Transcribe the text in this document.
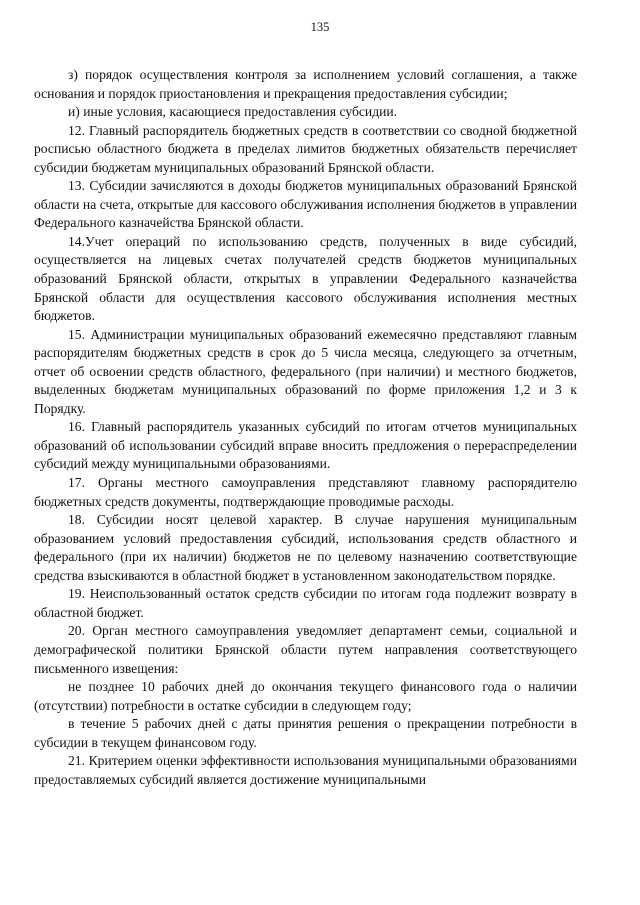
135

з) порядок осуществления контроля за исполнением условий соглашения, а также основания и порядок приостановления и прекращения предоставления субсидии;

и) иные условия, касающиеся предоставления субсидии.

12. Главный распорядитель бюджетных средств в соответствии со сводной бюджетной росписью областного бюджета в пределах лимитов бюджетных обязательств перечисляет субсидии бюджетам муниципальных образований Брянской области.

13. Субсидии зачисляются в доходы бюджетов муниципальных образований Брянской области на счета, открытые для кассового обслуживания исполнения бюджетов в управлении Федерального казначейства Брянской области.

14.Учет операций по использованию средств, полученных в виде субсидий, осуществляется на лицевых счетах получателей средств бюджетов муниципальных образований Брянской области, открытых в управлении Федерального казначейства Брянской области для осуществления кассового обслуживания исполнения местных бюджетов.

15. Администрации муниципальных образований ежемесячно представляют главным распорядителям бюджетных средств в срок до 5 числа месяца, следующего за отчетным, отчет об освоении средств областного, федерального (при наличии) и местного бюджетов, выделенных бюджетам муниципальных образований по форме приложения 1,2 и 3 к Порядку.

16. Главный распорядитель указанных субсидий по итогам отчетов муниципальных образований об использовании субсидий вправе вносить предложения о перераспределении субсидий между муниципальными образованиями.

17. Органы местного самоуправления представляют главному распорядителю бюджетных средств документы, подтверждающие проводимые расходы.

18. Субсидии носят целевой характер. В случае нарушения муниципальным образованием условий предоставления субсидий, использования средств областного и федерального (при их наличии) бюджетов не по целевому назначению соответствующие средства взыскиваются в областной бюджет в установленном законодательством порядке.

19. Неиспользованный остаток средств субсидии по итогам года подлежит возврату в областной бюджет.

20. Орган местного самоуправления уведомляет департамент семьи, социальной и демографической политики Брянской области путем направления соответствующего письменного извещения:

не позднее 10 рабочих дней до окончания текущего финансового года о наличии (отсутствии) потребности в остатке субсидии в следующем году;

в течение 5 рабочих дней с даты принятия решения о прекращении потребности в субсидии в текущем финансовом году.

21. Критерием оценки эффективности использования муниципальными образованиями предоставляемых субсидий является достижение муниципальными
